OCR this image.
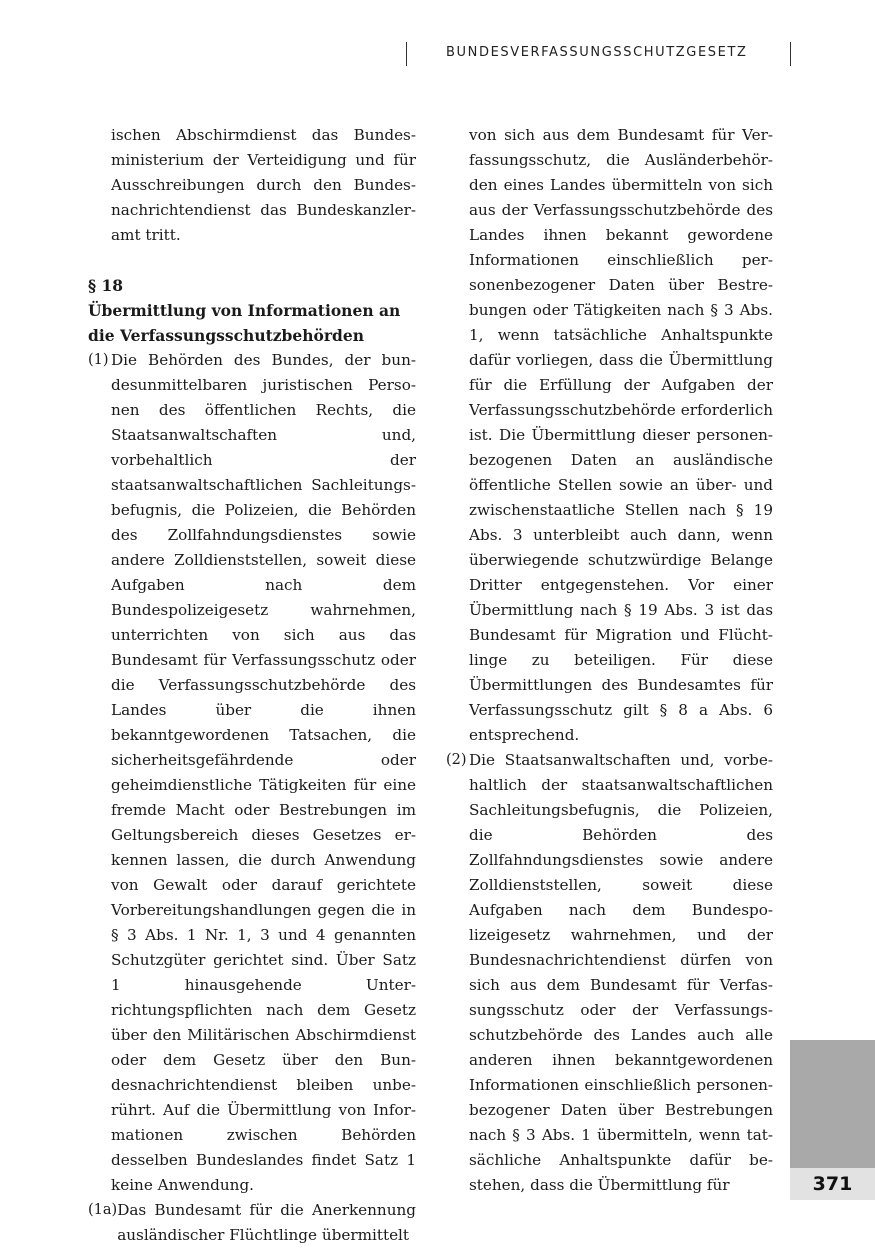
BUNDESVERFASSUNGSSCHUTZGESETZ

ischen Abschirmdienst das Bundesministerium der Verteidigung und für Ausschreibungen durch den Bundesnachrichtendienst das Bundeskanzleramt tritt.

§ 18

Übermittlung von Informationen an die Verfassungsschutzbehörden

(1) Die Behörden des Bundes, der bundesunmittelbaren juristischen Personen des öffentlichen Rechts, die Staatsanwaltschaften und, vorbehaltlich der staatsanwaltschaftlichen Sachleitungsbefugnis, die Polizeien, die Behörden des Zollfahndungsdienstes sowie andere Zolldienststellen, soweit diese Aufgaben nach dem Bundespolizeigesetz wahrnehmen, unterrichten von sich aus das Bundesamt für Verfassungsschutz oder die Verfassungsschutzbehörde des Landes über die ihnen bekanntgewordenen Tatsachen, die sicherheitsgefährdende oder geheimdienstliche Tätigkeiten für eine fremde Macht oder Bestrebungen im Geltungsbereich dieses Gesetzes erkennen lassen, die durch Anwendung von Gewalt oder darauf gerichtete Vorbereitungshandlungen gegen die in § 3 Abs. 1 Nr. 1, 3 und 4 genannten Schutzgüter gerichtet sind. Über Satz 1 hinausgehende Unterrichtungspflichten nach dem Gesetz über den Militärischen Abschirmdienst oder dem Gesetz über den Bundesnachrichtendienst bleiben unberührt. Auf die Übermittlung von Informationen zwischen Behörden desselben Bundeslandes findet Satz 1 keine Anwendung.

(1a) Das Bundesamt für die Anerkennung ausländischer Flüchtlinge übermittelt

von sich aus dem Bundesamt für Verfassungsschutz, die Ausländerbehörden eines Landes übermitteln von sich aus der Verfassungsschutzbehörde des Landes ihnen bekannt gewordene Informationen einschließlich personenbezogener Daten über Bestrebungen oder Tätigkeiten nach § 3 Abs. 1, wenn tatsächliche Anhaltspunkte dafür vorliegen, dass die Übermittlung für die Erfüllung der Aufgaben der Verfassungsschutzbehörde erforderlich ist. Die Übermittlung dieser personenbezogenen Daten an ausländische öffentliche Stellen sowie an über- und zwischenstaatliche Stellen nach § 19 Abs. 3 unterbleibt auch dann, wenn überwiegende schutzwürdige Belange Dritter entgegenstehen. Vor einer Übermittlung nach § 19 Abs. 3 ist das Bundesamt für Migration und Flüchtlinge zu beteiligen. Für diese Übermittlungen des Bundesamtes für Verfassungsschutz gilt § 8 a Abs. 6 entsprechend.

(2) Die Staatsanwaltschaften und, vorbehaltlich der staatsanwaltschaftlichen Sachleitungsbefugnis, die Polizeien, die Behörden des Zollfahndungsdienstes sowie andere Zolldienststellen, soweit diese Aufgaben nach dem Bundespolizeigesetz wahrnehmen, und der Bundesnachrichtendienst dürfen von sich aus dem Bundesamt für Verfassungsschutz oder der Verfassungsschutzbehörde des Landes auch alle anderen ihnen bekanntgewordenen Informationen einschließlich personenbezogener Daten über Bestrebungen nach § 3 Abs. 1 übermitteln, wenn tatsächliche Anhaltspunkte dafür bestehen, dass die Übermittlung für	371
